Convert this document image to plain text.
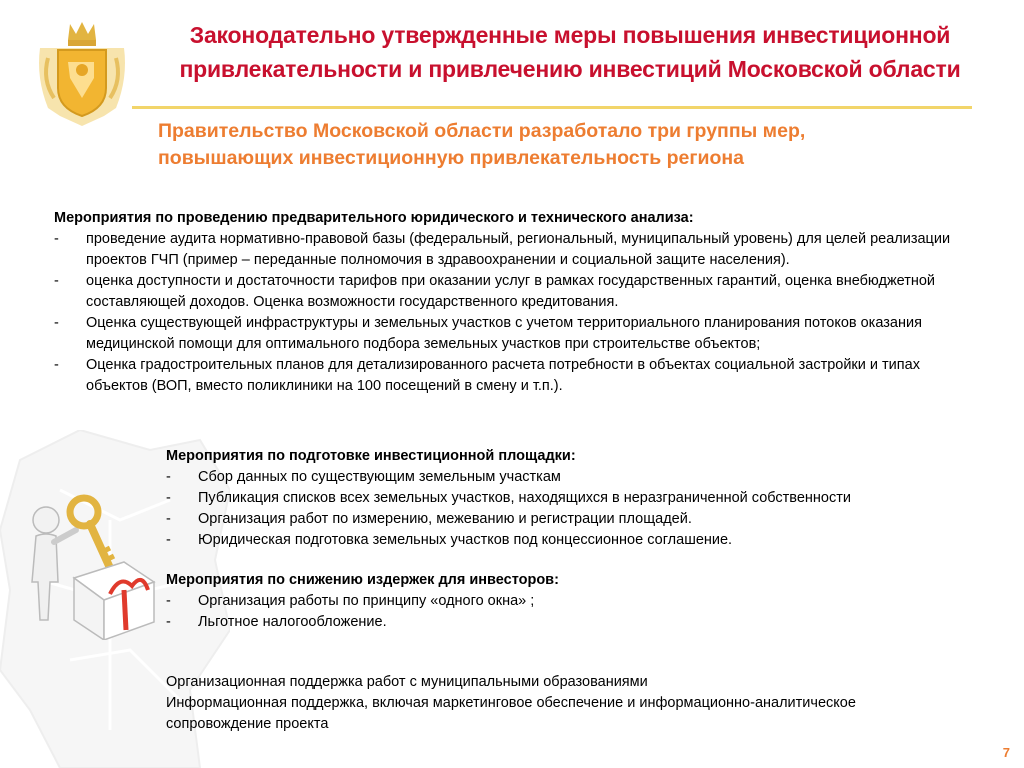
Законодательно утвержденные меры повышения инвестиционной
привлекательности и привлечению инвестиций Московской области
Правительство Московской области разработало три группы мер,
повышающих инвестиционную привлекательность региона
Мероприятия по проведению предварительного юридического и технического анализа:
- проведение аудита нормативно-правовой базы (федеральный, региональный, муниципальный уровень) для целей реализации проектов ГЧП (пример – переданные полномочия в здравоохранении и социальной защите населения).
- оценка доступности и достаточности тарифов при оказании услуг в рамках государственных гарантий, оценка внебюджетной составляющей доходов. Оценка возможности государственного кредитования.
- Оценка существующей инфраструктуры и земельных участков с учетом территориального планирования потоков оказания медицинской помощи для оптимального подбора земельных участков при строительстве объектов;
- Оценка градостроительных планов для детализированного расчета потребности в объектах социальной застройки и типах объектов (ВОП, вместо поликлиники на 100 посещений в смену и т.п.).
Мероприятия по подготовке инвестиционной площадки:
- Сбор данных по существующим земельным участкам
- Публикация списков всех земельных участков, находящихся в неразграниченной собственности
- Организация работ по измерению, межеванию и регистрации площадей.
- Юридическая подготовка земельных участков под концессионное соглашение.
Мероприятия по снижению издержек для инвесторов:
- Организация работы по принципу «одного окна» ;
- Льготное налогообложение.
Организационная поддержка работ с муниципальными образованиями
Информационная поддержка, включая маркетинговое обеспечение и информационно-аналитическое
сопровождение проекта
7
